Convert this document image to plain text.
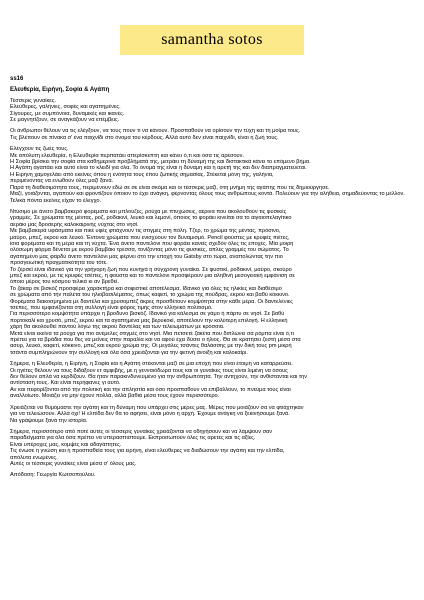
samantha sotos
ss16
Ελευθερία, Ειρήνη, Σοφία & Αγάπη
Τέσσερις γυναίκες.
Ελεύθερες, γαλήνιες, σοφές και αγαπημένες.
Σίγουρες, με συμπόνοια, δυναμικές και ικανές.
Σε μαγνητίζουν, σε αναγκάζουν να επέμβεις.
Οι άνθρωποι θέλουν να τις ελέγξουν, να τους πουν τι να κάνουν. Προσπαθούν να ορίσουν την τύχη και τη μοίρα τους.
Τις βλέπουν σε πίνακα σ' ένα παιχνίδι στο όνομα του κέρδους. Αλλά αυτό δεν είναι παιχνίδι, είναι η ζωή τους.
Ελέγχουν τις ζωές τους.
Με απόλυτη ελευθερία, η Ελευθερία περπατάει απερίσκεπτη και κάνει ό,τι και όσα τις αρέσουν.
Η Σοφία βρίσκει την σοφία στα καθημερινά προβλήματά της, μετράει τη δύναμή της και διστακτικά κάνει το επόμενο βήμα.
Η Αγάπη αγαπάει και αυτό είναι το κλειδί για όλα. Το όνομά της είναι η δύναμη και η αρετή της και δεν διαπραγματεύεται.
Η Ειρήνη χαμογελάει από εκείνες όπου η ενότητα τους έπου ζωτικής σημασίας. Στέκεται μόνη της, γαλήνια,
περιμένοντας να ενωθούν όλες μαζί ξανά.
Παρά τη διαθεσιμότητα τους, περιμένουν εδώ σε σε είναι σκόμα και οι τέσσερις μαζί, στη μνήμη της αγάπης που τις δημιούργησε.
Μαζί, γοιάζονται, αγαπούν και φροντίζουν όποιον το έχει ανάγκη, φέρνοντας όλους τους ανθρώπους κοντά. Πολεύουν για την αλήθεια, σημαδεύοντας το μέλλον.
Τελικά πόντα εκείνες είχαν το έλεγχο.
Ντύσιμο με άνετο βαμβακερό φορέματα και μπλούζες, ρούχα με πτυχώσεις, αέρινα που ακολουθούν τις φυσικές
γραμμές. Σε χρώματα της μέντας, ροζ, ροδακινί, λευκό και λεμονί, όποιος το φοράει κινείται σα το αιγαιοπελαγίτικο
αεράκι μας δροσερής καλοκαιρινής νύχτας στο νησί.
Με βαμβακερά υφάσματα και πικέ υφές φτιάχνουν τις στιγμές στη πόλη. Τζερ, το χρώμα της μέντας, πρόσινο,
μαύρο, μπεζ, εκρού και λευκό. Έντονα χρώματα που ενισχύουν τον δυναμισμό. Pencil φούστες με κρυφές πιέτες,
ίσια φορέματα και τη μέρα και τη νύχτα. Ένα άνετο παντελόνι που φοράει κανείς σχεδόν όλες τις εποχές. Μία μοιρη
ολόσωμη φόρμα δένεται με εκρού βαμβάκι τρέσσα, τονίζοντας μόνο τις φυσικές, απλές γραμμές του σώματος. Το
αγαπημένο μας φαρδύ άνετο παντελόνι μας φέρνει στο την εποχή του Gatsby στο τώρα, αναπολώντας την πιο
προσγειωτική πραγματικότητα του τότε.
Το ζέρσεϊ είναι ιδανικό για την γρήγορη ζωή που κυνηγά η σύγχρονη γυναίκα. Σε φυστικί, ροδακινί, μαύρο, σκούρο
μπεζ και εκρού, με τις κρυφές τσέπες, η φούστα και το παντελόνι προσφέρουν μια αληθινή μεσογειακή εμφάνιση σε
όποιο μέρος του κόσμου τελικά κι αν βρεθεί.
Το ζάκαρ σε βισκόζ προσφέρει χαρακτήρα και σοφιστικέ αποτέλεσμα. Ιδανικό για όλες τις ηλικίες και διαθέσιμο
σε χρώματα από την παλέτα του ηλιοβασιλέματος, όπως καφετί, το χρώμα της πούδρας, εκρού και βαθύ κόκκινο.
Φορέματα διακοσμημένα με δαντέλα και χρυσομπέζ άκρες προσθέτουν κομψότητα στην κάθε μέρα. Οι δαντελένιες
τσέπες, που εμφανίζονται στη συλλογή είναι φόρος τιμής στον ελληνικό πολιτισμό.
Για περισσότερο κομψότητα υπάρχει η βροδυνο βισκόζ. Ιδανικό για κάλεσμα σε γάμο ή πάρτυ σε νησί. Σε βαθύ
πορτοκαλί και χρυσό, μπεζ, εκρού και τα αγαπημένα μας βερυκοκί, αποτέλουν την κολύτερη επιλογή. Η ελληνική
χάρη θα ακολουθεί παντού λόγω της ακρού δαντέλας και των τελειωμάτων με κρόσσια.
Μετά είναι εκείνα τα ρούχα για πιο ανέμελες στιγμές στο νησί. Μια πετσετέ ζακέτα που διπλώνει σα ρόμπα είναι ό,τι
πρέπει για τα βράδια που θες να μείνεις στην παραλία και να αφού έχει δύσει ο ήλιος. Θα σε κρατήσει ζεστή μέσα στα
ασυρ, λευκό, καφετί, κόκκινο, μπεζ και εκρού χρώμα της. Οι μεγάλες τσάντες θαλάσσης με την δική τους pm μικρή
τσάντα συμπληρώνουν την συλλογή και όλα όσα χρειάζονται για την φετινή άνοιξη και καλοκαίρι.
Σήμερα, η Ελευθερία, η Ειρήνη, η Σοφία και η Αγάπη στέκονται μαζί σε μια εποχή που είναι έτοιμη να καταρρεύσει.
Οι ηγέτες θέλουν να τους διδάξουν ετ αμφιβής, με η γενναιόδωρα τους και οι γυναίκες τους είναι λιμένη να όσους
δεν θέλουν απλά να κερδίζουν. Θα ήταν παρακινδυνευμένο για την ανθρωπότητα. Την αντηχούν, την ανθιστανται και την
αντίσταση τους. Και είναι περήφανες γι αυτό.
Αν και πεφορίζονται από την πολιτική και την απληστία και όσο προσπαθούν να επιβάλλουν, το πνεύμα τους είναι
αναλλοίωτο. Μοιάζει να μην έχουν πολλά, αλλά βαθιά μέσα τους έχουν περισσότερο.
Χρειάζεται να θυμόμαστε την αγάπη και τη δύναμη που υπάρχει στις μέρες μας. Μέρες που μοιάζουν σα να φτιάχτηκαν
για να τελειώσουν. Αλλά όχι! Η ελπίδα δεν θα το αφήσει, είναι μόνο η αρχή. Έχουμε ανάγκη να ξεκινήσουμε ξανά.
Να γράψουμε ξανά την ιστορία.
Σήμερα, περισσότερο από ποτέ αυτές οι τέσσερις γυναίκες χρειάζονται να οδηγήσουν και να λάμψουν σαν
παραδείγματα για όλα όσα πρέπει να υπερασπιστούμε. Εκπροσωπούν όλες τις αρετές και τις αξίες.
Είναι υπέροχες μας, κομψές και αδαγάπητες.
Τις ένωσε η γνώση και η προσπαθεία τους για ειρήνη, είναι ελεύθερες να διαδώσουν την αγάπη και την ελπίδα,
απόλυτα ενωμένες.
Αυτές οι τέσσερις γυναίκες είναι μέσα σ' όλους μας.
Απόδοση: Γεωργία Κωτσοπούλου.
